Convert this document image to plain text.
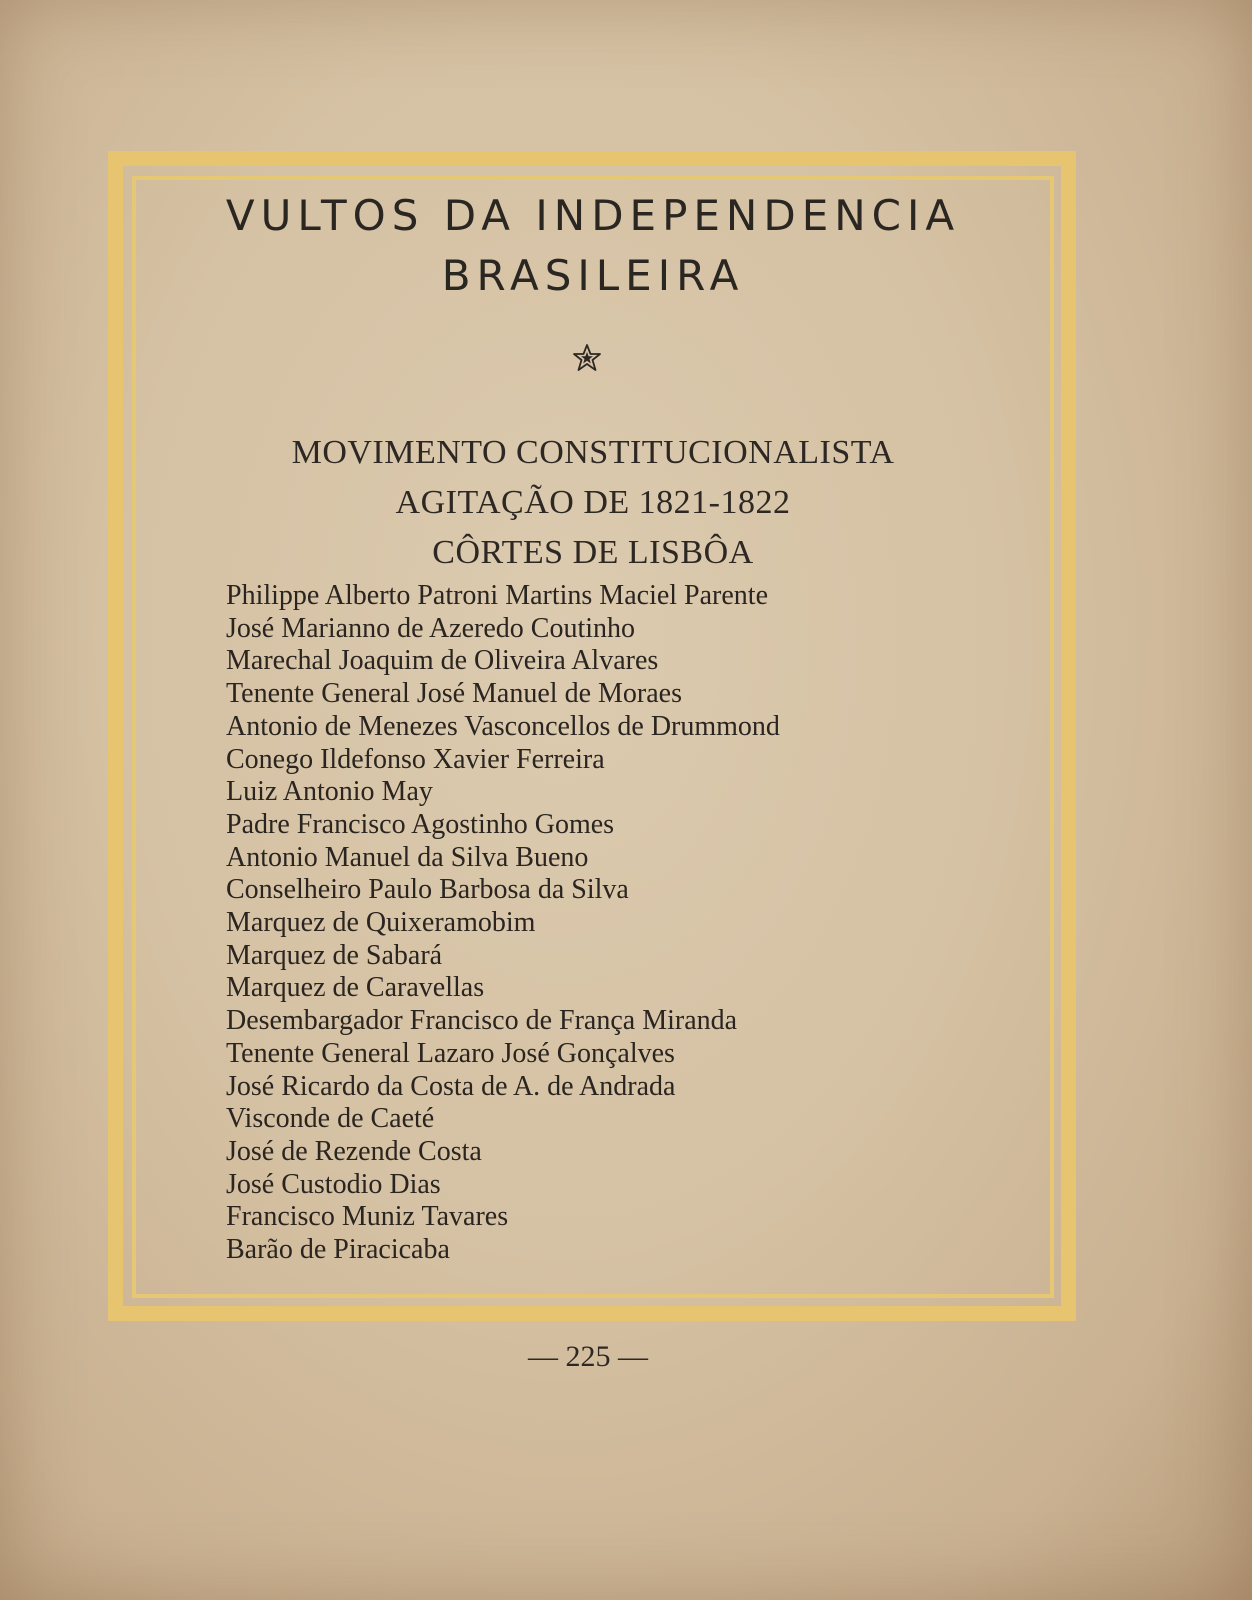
VULTOS DA INDEPENDENCIA
BRASILEIRA
MOVIMENTO CONSTITUCIONALISTA
AGITAÇÃO DE 1821-1822
CÔRTES DE LISBÔA
Philippe Alberto Patroni Martins Maciel Parente
José Marianno de Azeredo Coutinho
Marechal Joaquim de Oliveira Alvares
Tenente General José Manuel de Moraes
Antonio de Menezes Vasconcellos de Drummond
Conego Ildefonso Xavier Ferreira
Luiz Antonio May
Padre Francisco Agostinho Gomes
Antonio Manuel da Silva Bueno
Conselheiro Paulo Barbosa da Silva
Marquez de Quixeramobim
Marquez de Sabará
Marquez de Caravellas
Desembargador Francisco de França Miranda
Tenente General Lazaro José Gonçalves
José Ricardo da Costa de A. de Andrada
Visconde de Caeté
José de Rezende Costa
José Custodio Dias
Francisco Muniz Tavares
Barão de Piracicaba
— 225 —
